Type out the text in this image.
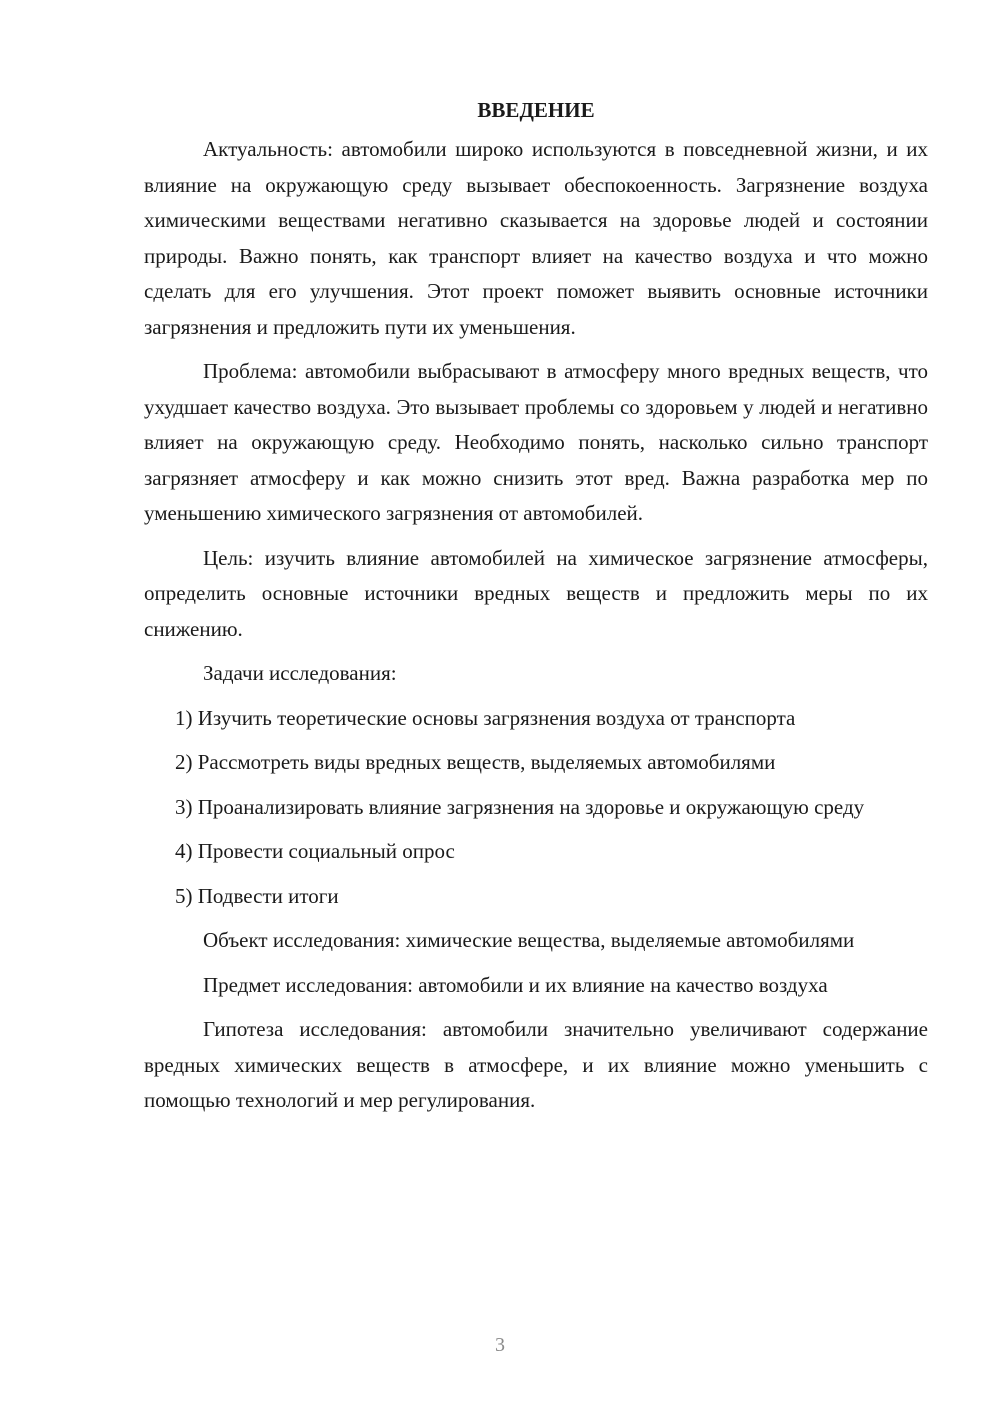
ВВЕДЕНИЕ

Актуальность: автомобили широко используются в повседневной жизни, и их влияние на окружающую среду вызывает обеспокоенность. Загрязнение воздуха химическими веществами негативно сказывается на здоровье людей и состоянии природы. Важно понять, как транспорт влияет на качество воздуха и что можно сделать для его улучшения. Этот проект поможет выявить основные источники загрязнения и предложить пути их уменьшения.

Проблема: автомобили выбрасывают в атмосферу много вредных веществ, что ухудшает качество воздуха. Это вызывает проблемы со здоровьем у людей и негативно влияет на окружающую среду. Необходимо понять, насколько сильно транспорт загрязняет атмосферу и как можно снизить этот вред. Важна разработка мер по уменьшению химического загрязнения от автомобилей.

Цель: изучить влияние автомобилей на химическое загрязнение атмосферы, определить основные источники вредных веществ и предложить меры по их снижению.

Задачи исследования:

1) Изучить теоретические основы загрязнения воздуха от транспорта

2) Рассмотреть виды вредных веществ, выделяемых автомобилями

3) Проанализировать влияние загрязнения на здоровье и окружающую среду

4) Провести социальный опрос

5) Подвести итоги

Объект исследования: химические вещества, выделяемые автомобилями

Предмет исследования: автомобили и их влияние на качество воздуха

Гипотеза исследования: автомобили значительно увеличивают содержание вредных химических веществ в атмосфере, и их влияние можно уменьшить с помощью технологий и мер регулирования.

3
